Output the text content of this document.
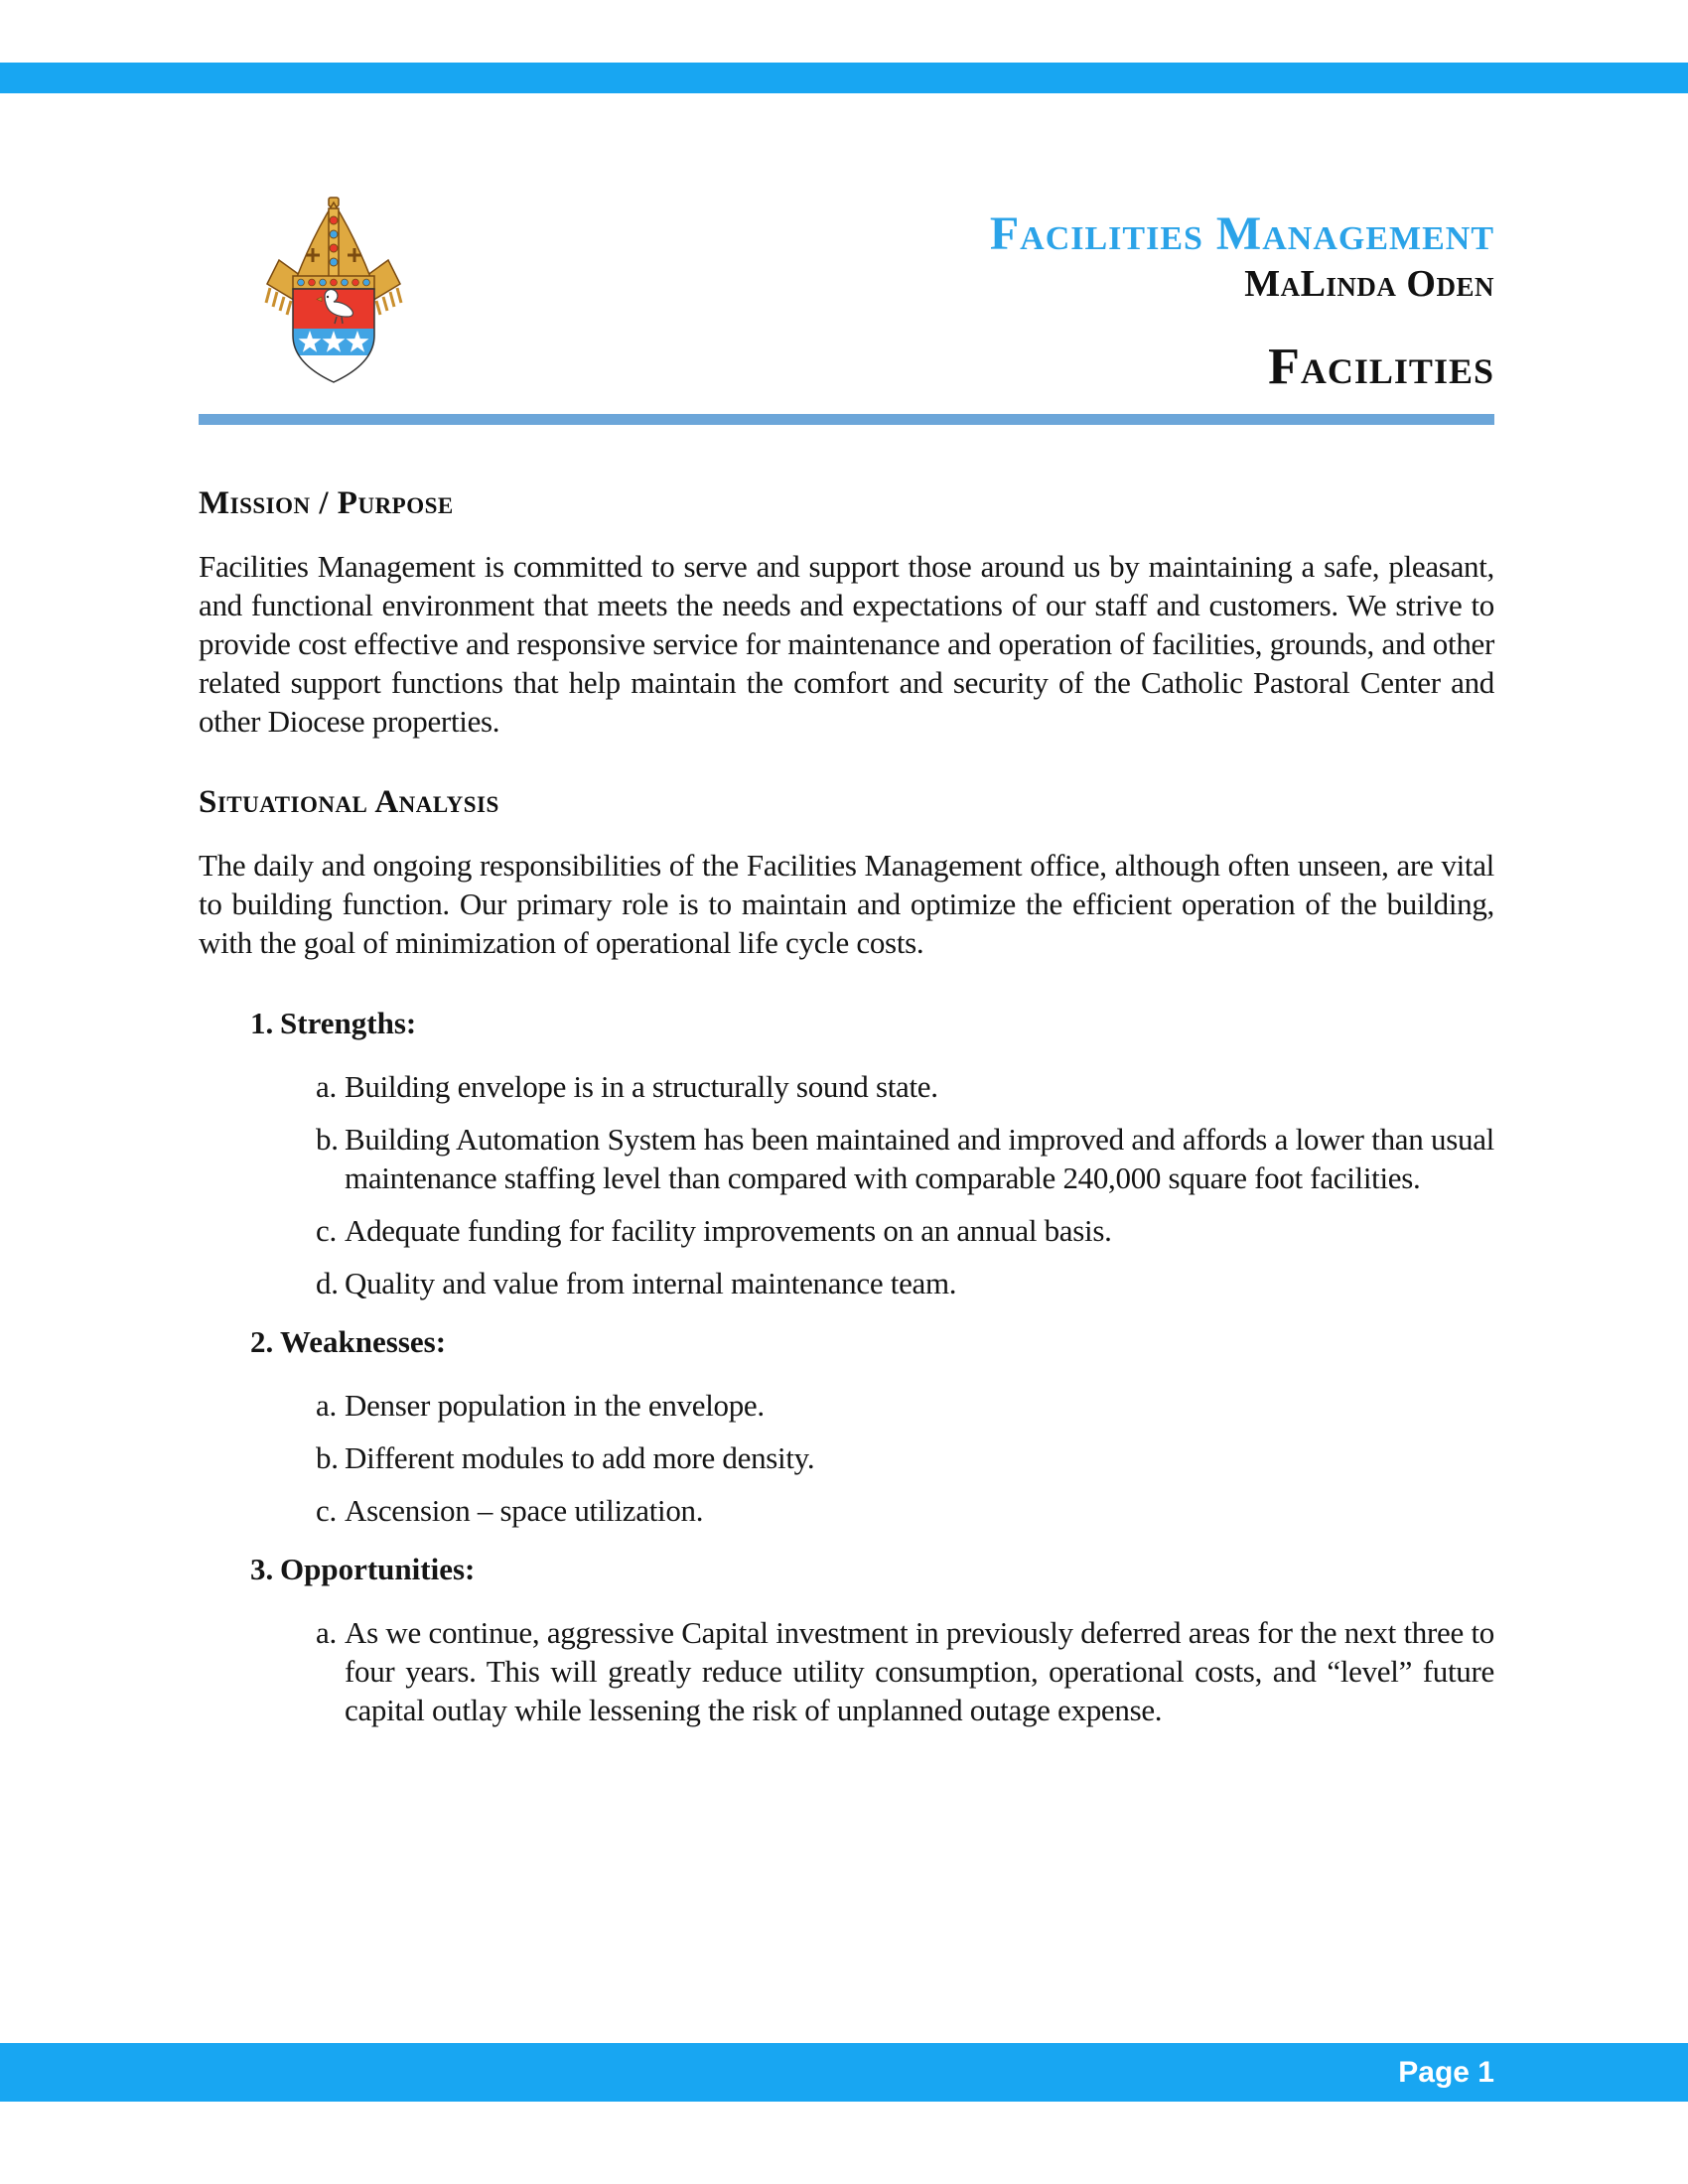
Facilities Management
MaLinda Oden
Facilities
Mission / Purpose

Facilities Management is committed to serve and support those around us by maintaining a safe, pleasant, and functional environment that meets the needs and expectations of our staff and customers. We strive to provide cost effective and responsive service for maintenance and operation of facilities, grounds, and other related support functions that help maintain the comfort and security of the Catholic Pastoral Center and other Diocese properties.

Situational Analysis

The daily and ongoing responsibilities of the Facilities Management office, although often unseen, are vital to building function. Our primary role is to maintain and optimize the efficient operation of the building, with the goal of minimization of operational life cycle costs.

1. Strengths:
a. Building envelope is in a structurally sound state.
b. Building Automation System has been maintained and improved and affords a lower than usual maintenance staffing level than compared with comparable 240,000 square foot facilities.
c. Adequate funding for facility improvements on an annual basis.
d. Quality and value from internal maintenance team.
2. Weaknesses:
a. Denser population in the envelope.
b. Different modules to add more density.
c. Ascension – space utilization.
3. Opportunities:
a. As we continue, aggressive Capital investment in previously deferred areas for the next three to four years. This will greatly reduce utility consumption, operational costs, and “level” future capital outlay while lessening the risk of unplanned outage expense.
Page 1
